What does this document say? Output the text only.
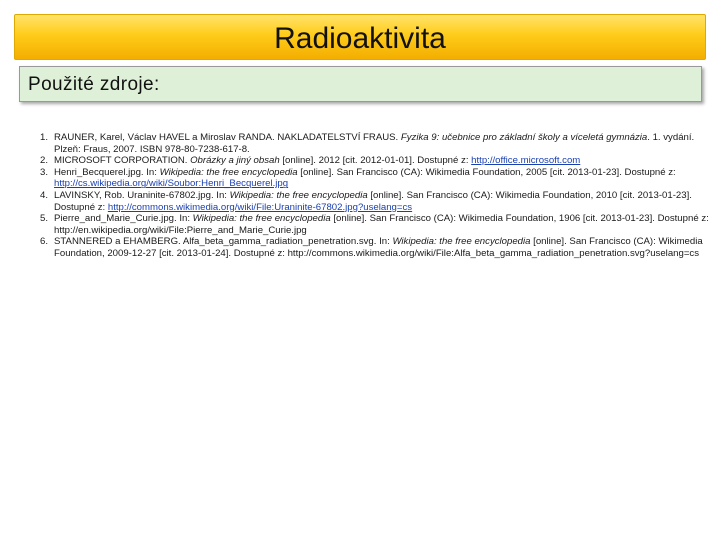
Radioaktivita
Použité zdroje:
RAUNER, Karel, Václav HAVEL a Miroslav RANDA. NAKLADATELSTVÍ FRAUS. Fyzika 9: učebnice pro základní školy a víceletá gymnázia. 1. vydání. Plzeň: Fraus, 2007. ISBN 978-80-7238-617-8.
MICROSOFT CORPORATION. Obrázky a jiný obsah [online]. 2012 [cit. 2012-01-01]. Dostupné z: http://office.microsoft.com
Henri_Becquerel.jpg. In: Wikipedia: the free encyclopedia [online]. San Francisco (CA): Wikimedia Foundation, 2005 [cit. 2013-01-23]. Dostupné z: http://cs.wikipedia.org/wiki/Soubor:Henri_Becquerel.jpg
LAVINSKY, Rob. Uraninite-67802.jpg. In: Wikipedia: the free encyclopedia [online]. San Francisco (CA): Wikimedia Foundation, 2010 [cit. 2013-01-23]. Dostupné z: http://commons.wikimedia.org/wiki/File:Uraninite-67802.jpg?uselang=cs
Pierre_and_Marie_Curie.jpg. In: Wikipedia: the free encyclopedia [online]. San Francisco (CA): Wikimedia Foundation, 1906 [cit. 2013-01-23]. Dostupné z: http://en.wikipedia.org/wiki/File:Pierre_and_Marie_Curie.jpg
STANNERED a EHAMBERG. Alfa_beta_gamma_radiation_penetration.svg. In: Wikipedia: the free encyclopedia [online]. San Francisco (CA): Wikimedia Foundation, 2009-12-27 [cit. 2013-01-24]. Dostupné z: http://commons.wikimedia.org/wiki/File:Alfa_beta_gamma_radiation_penetration.svg?uselang=cs
